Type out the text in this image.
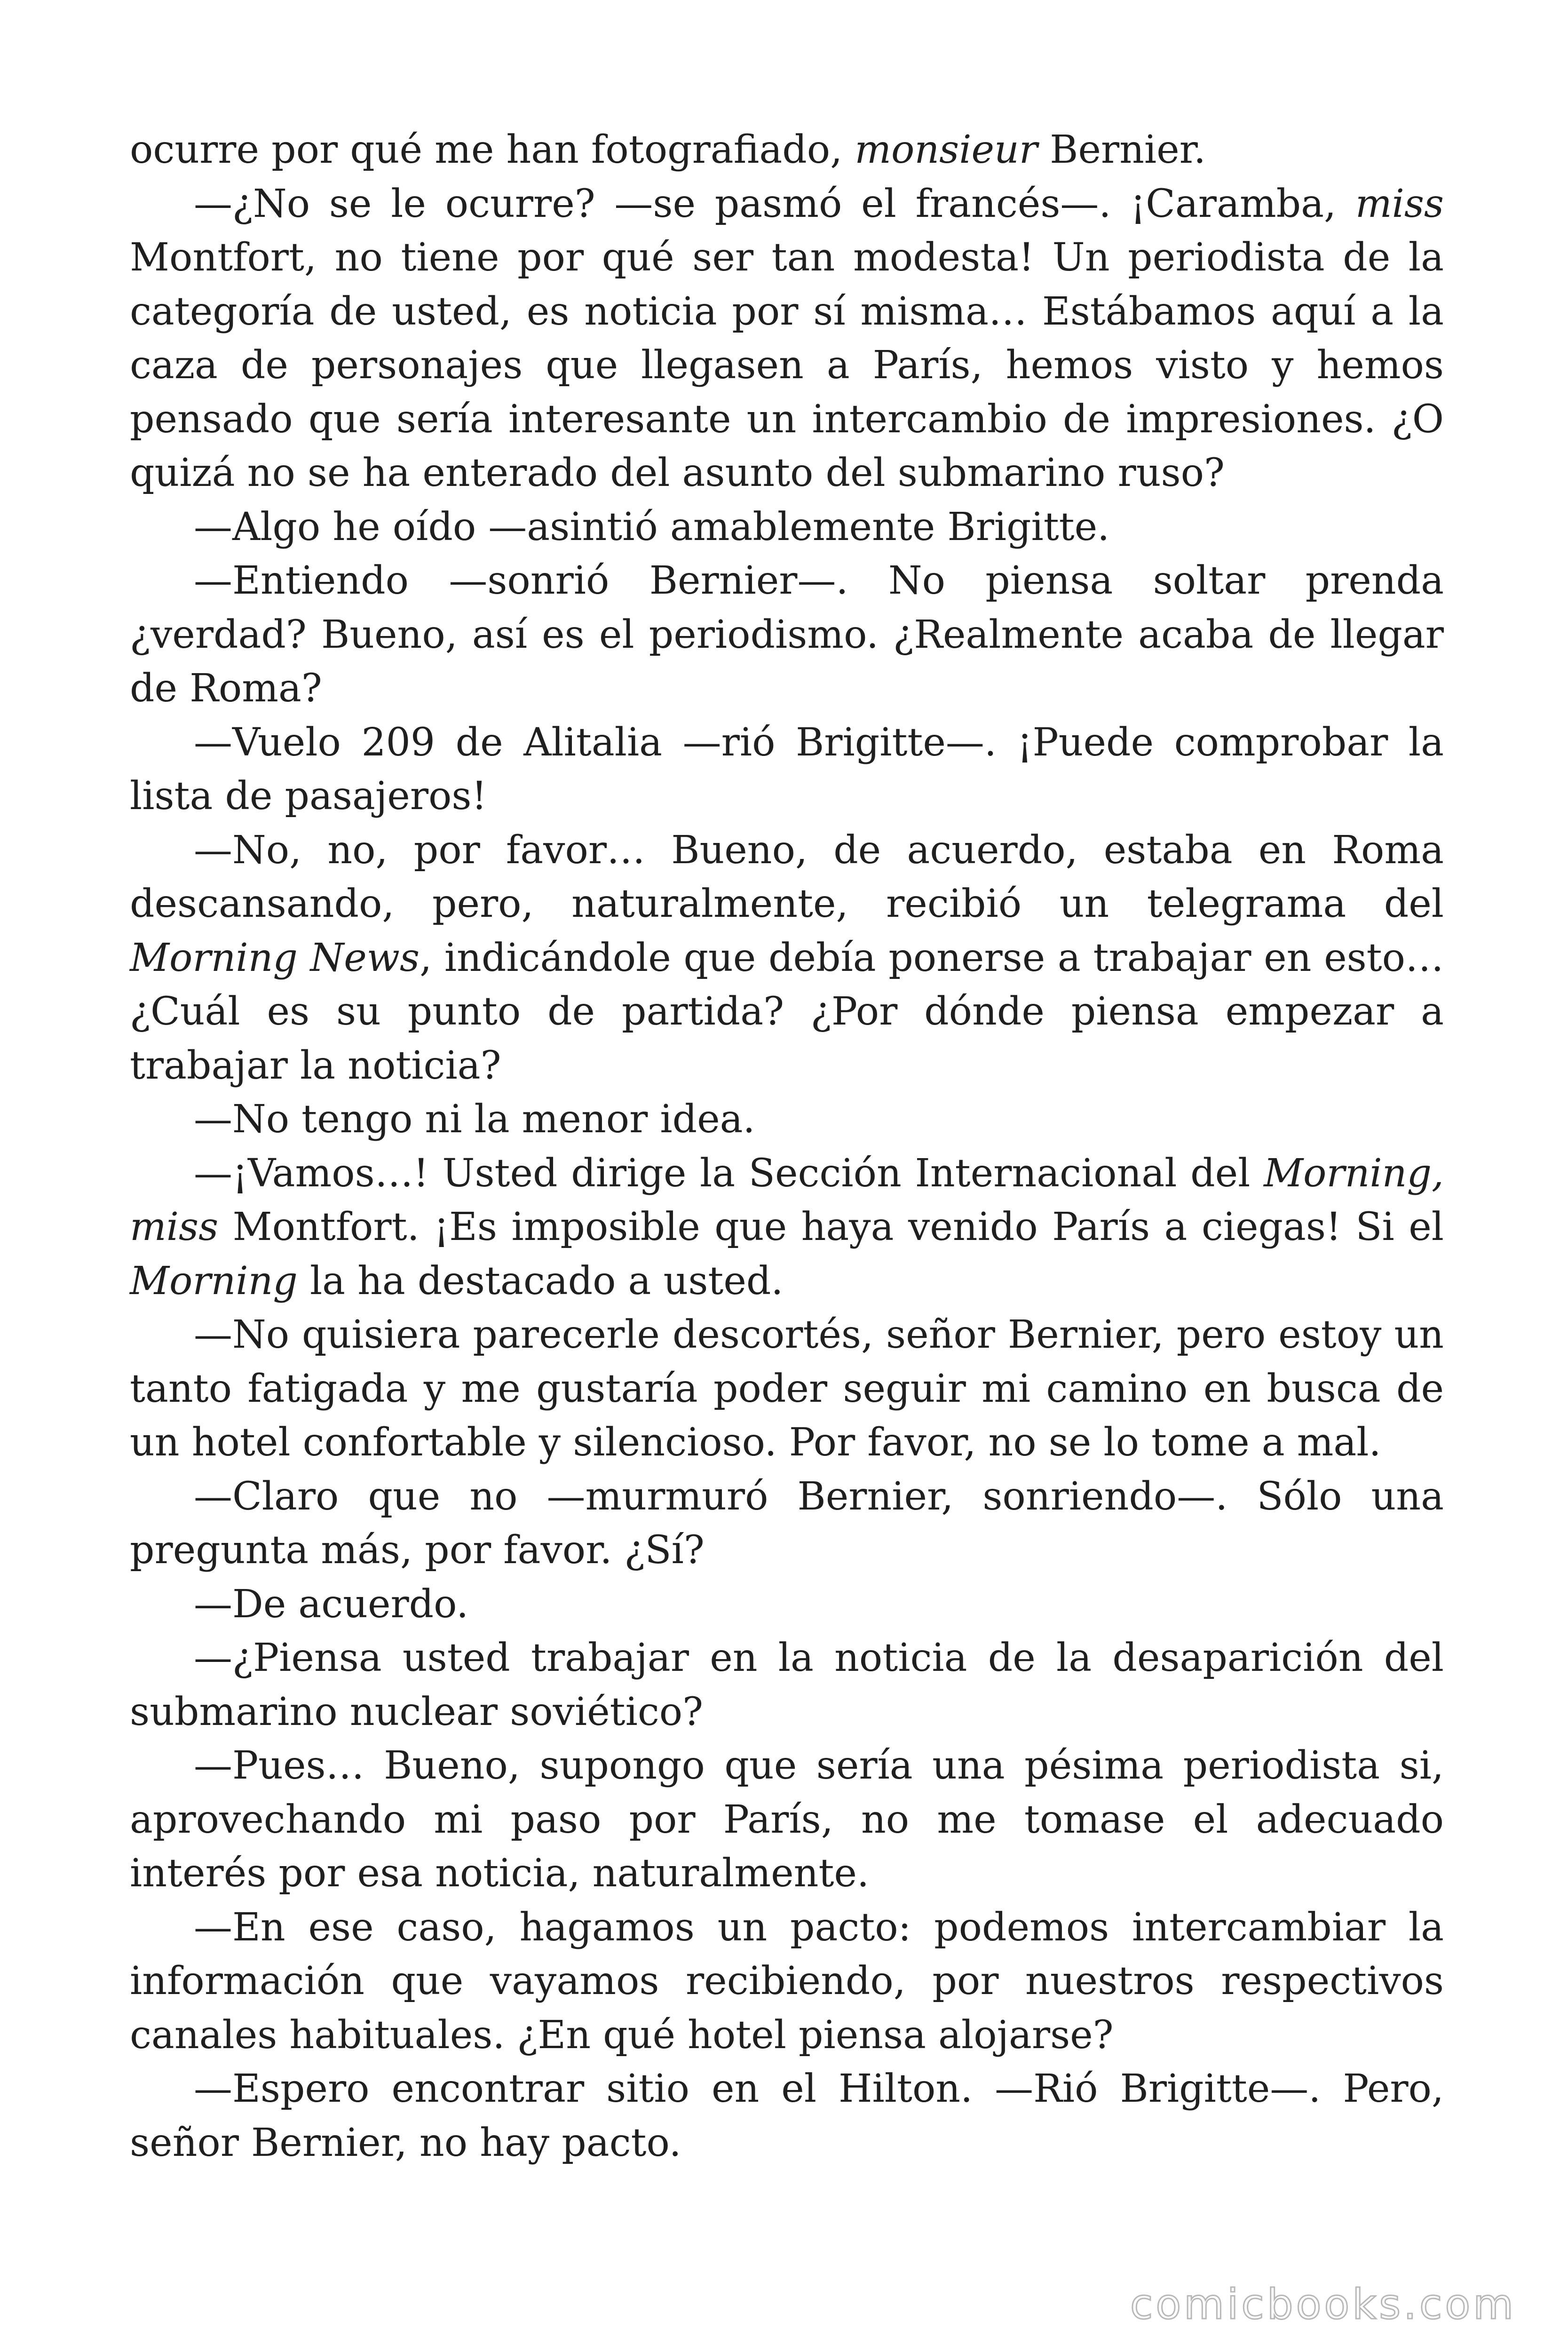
ocurre por qué me han fotografiado, monsieur Bernier.

—¿No se le ocurre? —se pasmó el francés—. ¡Caramba, miss Montfort, no tiene por qué ser tan modesta! Un periodista de la categoría de usted, es noticia por sí misma… Estábamos aquí a la caza de personajes que llegasen a París, hemos visto y hemos pensado que sería interesante un intercambio de impresiones. ¿O quizá no se ha enterado del asunto del submarino ruso?

—Algo he oído —asintió amablemente Brigitte.

—Entiendo —sonrió Bernier—. No piensa soltar prenda ¿verdad? Bueno, así es el periodismo. ¿Realmente acaba de llegar de Roma?

—Vuelo 209 de Alitalia —rió Brigitte—. ¡Puede comprobar la lista de pasajeros!

—No, no, por favor… Bueno, de acuerdo, estaba en Roma descansando, pero, naturalmente, recibió un telegrama del Morning News, indicándole que debía ponerse a trabajar en esto… ¿Cuál es su punto de partida? ¿Por dónde piensa empezar a trabajar la noticia?

—No tengo ni la menor idea.

—¡Vamos…! Usted dirige la Sección Internacional del Morning, miss Montfort. ¡Es imposible que haya venido París a ciegas! Si el Morning la ha destacado a usted.

—No quisiera parecerle descortés, señor Bernier, pero estoy un tanto fatigada y me gustaría poder seguir mi camino en busca de un hotel confortable y silencioso. Por favor, no se lo tome a mal.

—Claro que no —murmuró Bernier, sonriendo—. Sólo una pregunta más, por favor. ¿Sí?

—De acuerdo.

—¿Piensa usted trabajar en la noticia de la desaparición del submarino nuclear soviético?

—Pues… Bueno, supongo que sería una pésima periodista si, aprovechando mi paso por París, no me tomase el adecuado interés por esa noticia, naturalmente.

—En ese caso, hagamos un pacto: podemos intercambiar la información que vayamos recibiendo, por nuestros respectivos canales habituales. ¿En qué hotel piensa alojarse?

—Espero encontrar sitio en el Hilton. —Rió Brigitte—. Pero, señor Bernier, no hay pacto.

comicbooks.com
